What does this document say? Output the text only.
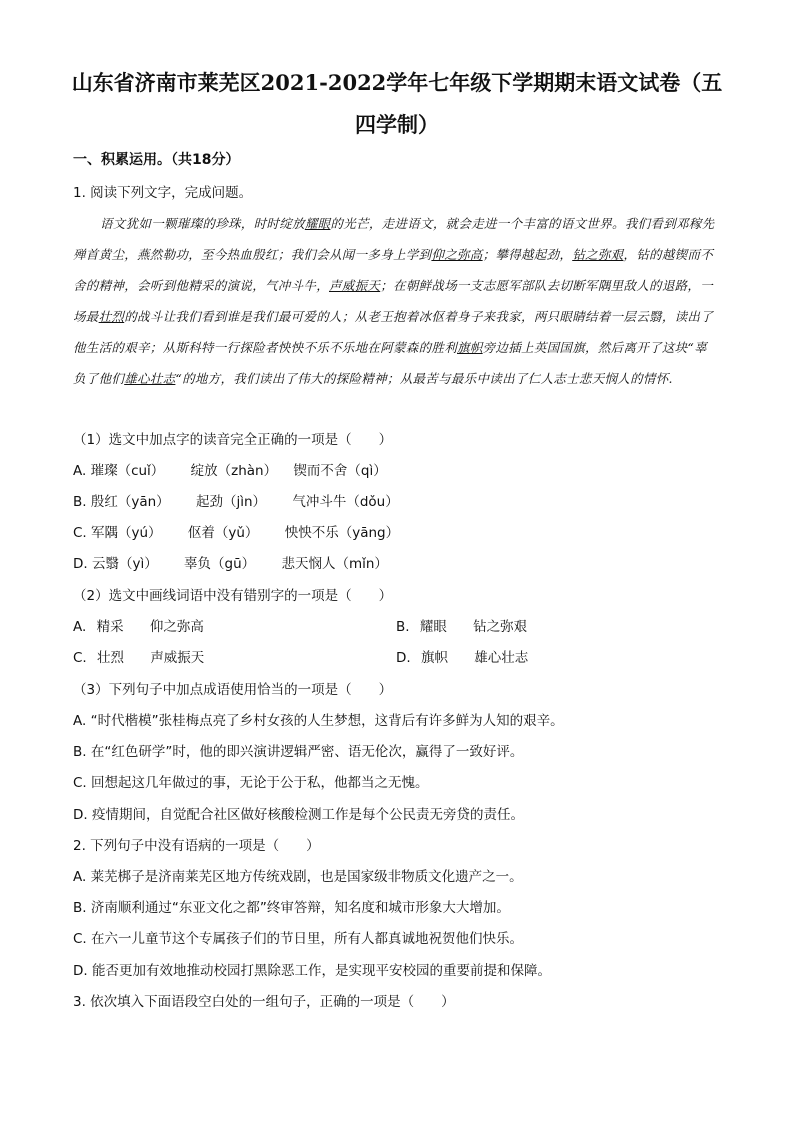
山东省济南市莱芜区2021-2022学年七年级下学期期末语文试卷（五
四学制）
一、积累运用。（共18分）
1. 阅读下列文字，完成问题。
语文犹如一颗璀璨的珍珠，时时绽放耀眼的光芒，走进语文，就会走进一个丰富的语文世界。我们看到邓稼先殚首黄尘，燕然勒功，至今热血殷红；我们会从闻一多身上学到仰之弥高；攀得越起劲，钻之弥艰，钻的越锲而不舍的精神，会听到他精采的演说，气冲斗牛，声威振天；在朝鲜战场一支志愿军部队去切断军隅里敌人的退路，一场最壮烈的战斗让我们看到谁是我们最可爱的人；从老王抱着冰伛着身子来我家，两只眼睛结着一层云翳，读出了他生活的艰辛；从斯科特一行探险者怏怏不乐不乐地在阿蒙森的胜利旗帜旁边插上英国国旗，然后离开了这块“辜负了他们雄心壮志“的地方，我们读出了伟大的探险精神；从最苦与最乐中读出了仁人志士悲天悯人的情怀.
（1）选文中加点字的读音完全正确的一项是（　　）
A. 璀璨（cuǐ） 绽放（zhàn） 锲而不舍（qì）
B. 殷红（yān） 起劲（jìn） 气冲斗牛（dǒu）
C. 军隅（yú） 伛着（yǔ） 怏怏不乐（yāng）
D. 云翳（yì） 辜负（gū） 悲天悯人（mǐn）
（2）选文中画线词语中没有错别字的一项是（　　）
A. 精采 仰之弥高	B. 耀眼 钻之弥艰
C. 壮烈 声威振天	D. 旗帜 雄心壮志
（3）下列句子中加点成语使用恰当的一项是（　　）
A. “时代楷模”张桂梅点亮了乡村女孩的人生梦想，这背后有许多鲜为人知的艰辛。
B. 在“红色研学”时，他的即兴演讲逻辑严密、语无伦次，赢得了一致好评。
C. 回想起这几年做过的事，无论于公于私，他都当之无愧。
D. 疫情期间，自觉配合社区做好核酸检测工作是每个公民责无旁贷的责任。
2. 下列句子中没有语病的一项是（　　）
A. 莱芜梆子是济南莱芜区地方传统戏剧，也是国家级非物质文化遗产之一。
B. 济南顺利通过“东亚文化之都”终审答辩，知名度和城市形象大大增加。
C. 在六一儿童节这个专属孩子们的节日里，所有人都真诚地祝贺他们快乐。
D. 能否更加有效地推动校园打黑除恶工作，是实现平安校园的重要前提和保障。
3. 依次填入下面语段空白处的一组句子，正确的一项是（　　）
